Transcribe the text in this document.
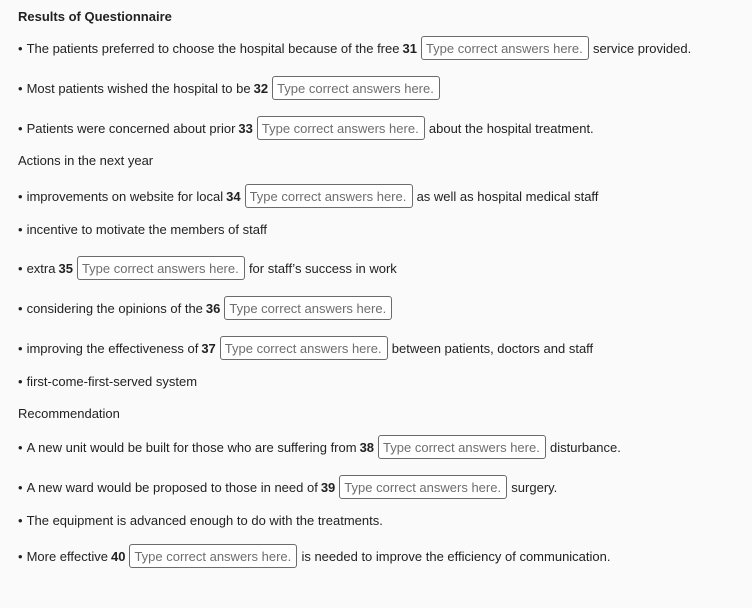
Results of Questionnaire
• The patients preferred to choose the hospital because of the free 31
Type correct answers here.	service provided.
• Most patients wished the hospital to be 32
Type correct answers here.
• Patients were concerned about prior 33
Type correct answers here.	about the hospital treatment.
Actions in the next year
• improvements on website for local 34
Type correct answers here.	as well as hospital medical staff
• incentive to motivate the members of staff
• extra 35
Type correct answers here.	for staff’s success in work
• considering the opinions of the 36
Type correct answers here.
• improving the effectiveness of 37
Type correct answers here.	between patients, doctors and staff
• first-come-first-served system
Recommendation
• A new unit would be built for those who are suffering from 38
Type correct answers here.	disturbance.
• A new ward would be proposed to those in need of 39
Type correct answers here.	surgery.
• The equipment is advanced enough to do with the treatments.
• More effective 40
Type correct answers here.	is needed to improve the efficiency of communication.
